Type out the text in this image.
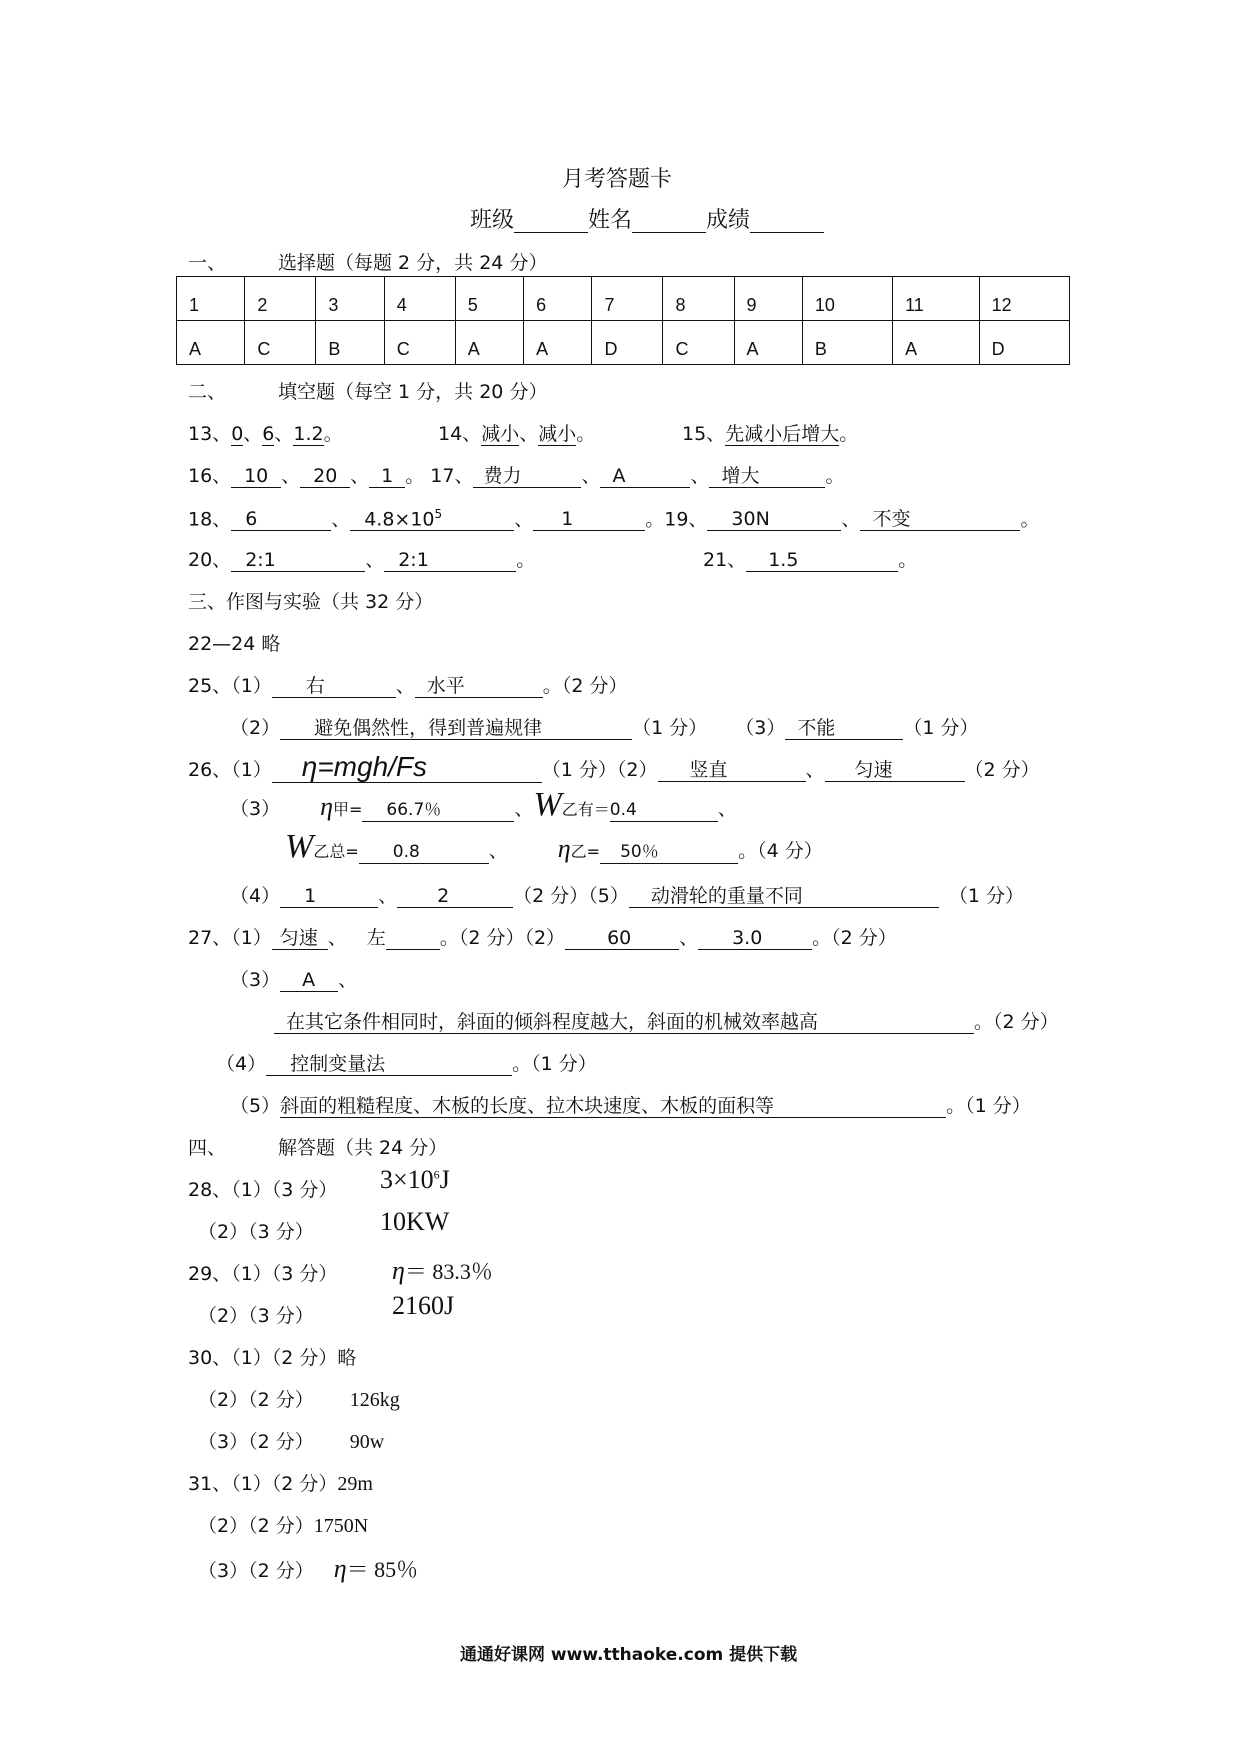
月考答题卡
班级	姓名	成绩
一、	选择题（每题 2 分，共 24 分）
1	2	3	4	5	6	7	8	9	10	11	12
A	C	B	C	A	A	D	C	A	B	A	D
二、	填空题（每空 1 分，共 20 分）
13、0、6、1.2。	14、减小、减小。	15、先减小后增大。
16、 10 、 20 、 1 。 17、 费力	、 A	、 增大	。
18、 6	、 $4.8\times 10^5$	、 1	。19、 30N	、 不变	。
20、 2:1	、 2:1	。	21、 1.5	。
三、作图与实验（共 32 分）
22—24 略
25、（1） 右	、 水平	。（2 分）
（2） 避免偶然性，得到普遍规律	（1 分） （3） 不能	（1 分）
26、（1） η=mgh/Fs	（1 分）（2） 竖直	、 匀速	（2 分）
（3） η甲= 66.7％	、W乙有＝0.4	、
W乙总= 0.8	、 η乙= 50％	。（4 分）
（4） 1	、 2	（2 分）（5） 动滑轮的重量不同	（1 分）
27、（1） 匀速 、 左	。（2 分）（2） 60	、 3.0	。（2 分）
（3） A 、
在其它条件相同时，斜面的倾斜程度越大，斜面的机械效率越高	。（2 分）
（4） 控制变量法	。（1 分）
（5）斜面的粗糙程度、木板的长度、拉木块速度、木板的面积等	。（1 分）
四、	解答题（共 24 分）
28、（1）（3 分） $3\times 10^6J$
（2）（3 分）	10KW
29、（1）（3 分） η＝ 83.3％
（2）（3 分）	2160J
30、（1）（2 分）略
（2）（2 分） 126kg
（3）（2 分） 90w
31、（1）（2 分）29m
（2）（2 分）1750N
（3）（2 分） η＝ 85％
通通好课网 www.tthaoke.com 提供下载
